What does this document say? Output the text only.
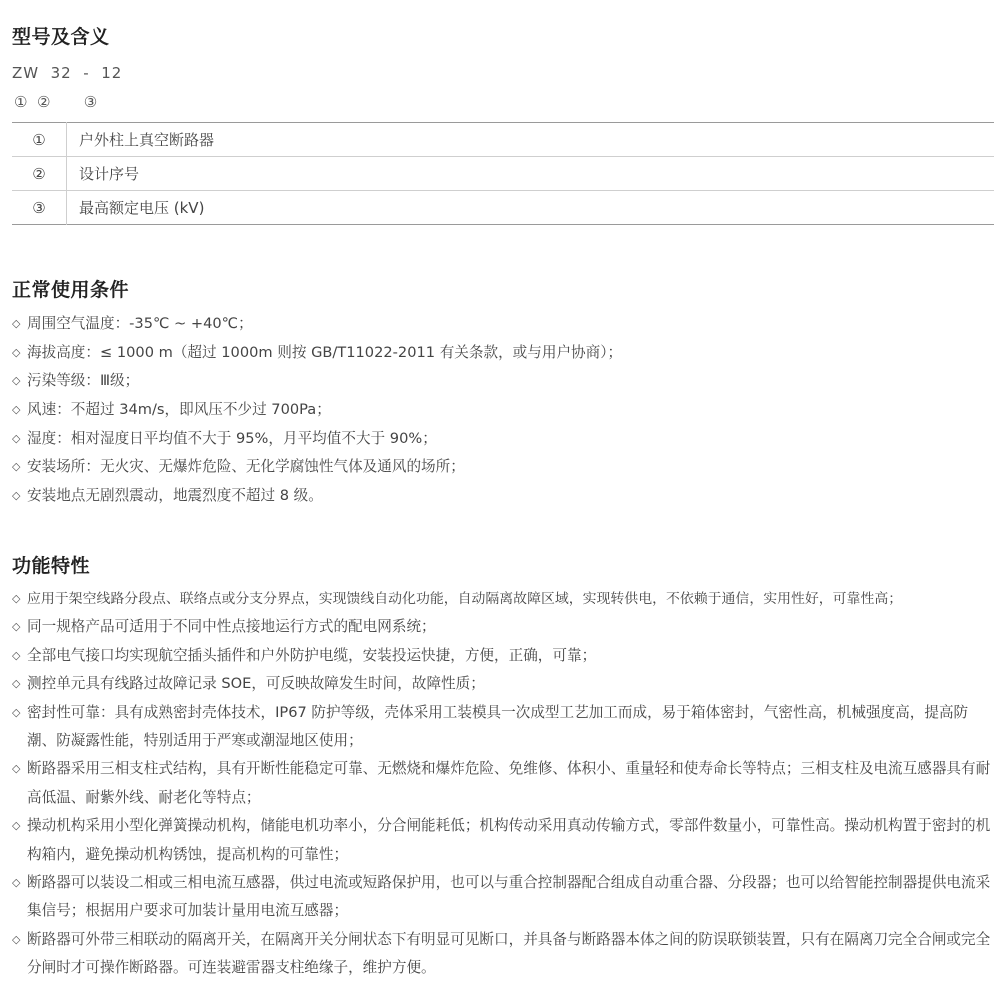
型号及含义
ZW  32  -  12
①  ②       ③
①	户外柱上真空断路器
②	设计序号
③	最高额定电压 (kV)
正常使用条件
◇ 周围空气温度：-35℃ ~ +40℃；
◇ 海拔高度：≤ 1000 m（超过 1000m 则按 GB/T11022-2011 有关条款，或与用户协商）；
◇ 污染等级：Ⅲ级；
◇ 风速：不超过 34m/s，即风压不少过 700Pa；
◇ 湿度：相对湿度日平均值不大于 95%，月平均值不大于 90%；
◇ 安装场所：无火灾、无爆炸危险、无化学腐蚀性气体及通风的场所；
◇ 安装地点无剧烈震动，地震烈度不超过 8 级。
功能特性
◇ 应用于架空线路分段点、联络点或分支分界点，实现馈线自动化功能，自动隔离故障区域，实现转供电，不依赖于通信，实用性好，可靠性高；
◇ 同一规格产品可适用于不同中性点接地运行方式的配电网系统；
◇ 全部电气接口均实现航空插头插件和户外防护电缆，安装投运快捷，方便，正确，可靠；
◇ 测控单元具有线路过故障记录 SOE，可反映故障发生时间，故障性质；
◇ 密封性可靠：具有成熟密封壳体技术，IP67 防护等级，壳体采用工装模具一次成型工艺加工而成，易于箱体密封，气密性高，机械强度高，提高防潮、防凝露性能，特别适用于严寒或潮湿地区使用；
◇ 断路器采用三相支柱式结构，具有开断性能稳定可靠、无燃烧和爆炸危险、免维修、体积小、重量轻和使寿命长等特点；三相支柱及电流互感器具有耐高低温、耐紫外线、耐老化等特点；
◇ 操动机构采用小型化弹簧操动机构，储能电机功率小，分合闸能耗低；机构传动采用真动传输方式，零部件数量小，可靠性高。操动机构置于密封的机构箱内，避免操动机构锈蚀，提高机构的可靠性；
◇ 断路器可以装设二相或三相电流互感器，供过电流或短路保护用，也可以与重合控制器配合组成自动重合器、分段器；也可以给智能控制器提供电流采集信号；根据用户要求可加装计量用电流互感器；
◇ 断路器可外带三相联动的隔离开关，在隔离开关分闸状态下有明显可见断口，并具备与断路器本体之间的防误联锁装置，只有在隔离刀完全合闸或完全分闸时才可操作断路器。可连装避雷器支柱绝缘子，维护方便。
